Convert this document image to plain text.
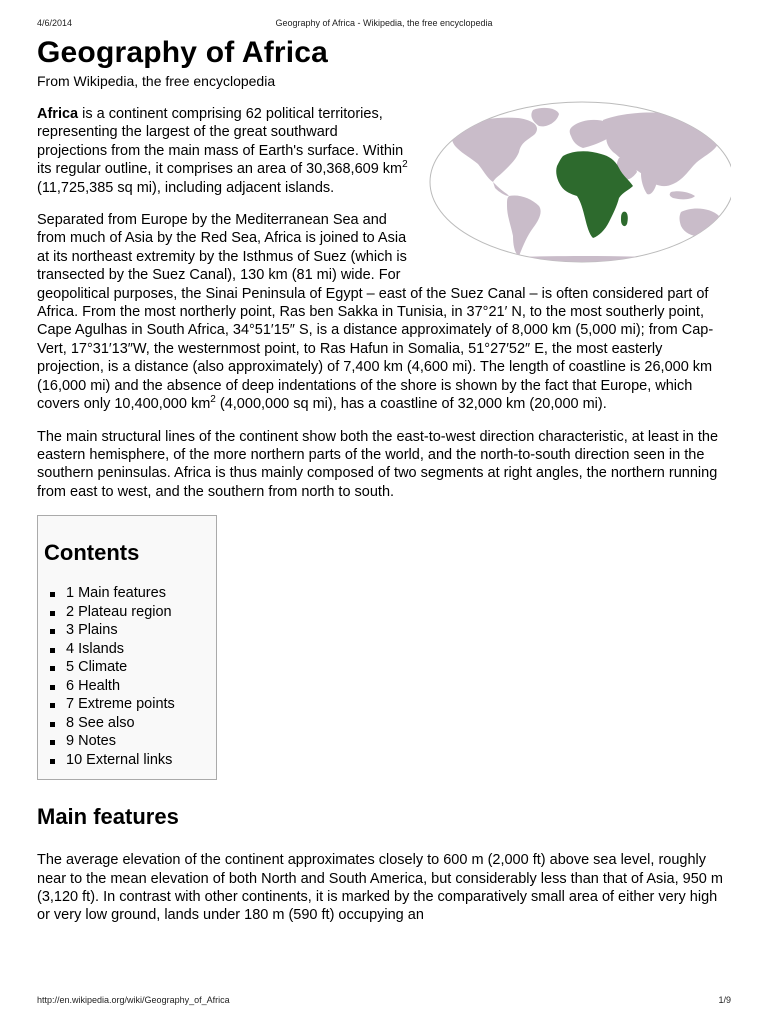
4/6/2014	Geography of Africa - Wikipedia, the free encyclopedia
Geography of Africa
From Wikipedia, the free encyclopedia

Africa is a continent comprising 62 political territories, representing the largest of the great southward projections from the main mass of Earth's surface. Within its regular outline, it comprises an area of 30,368,609 $km^2$ (11,725,385 sq mi), including adjacent islands.

Separated from Europe by the Mediterranean Sea and from much of Asia by the Red Sea, Africa is joined to Asia at its northeast extremity by the Isthmus of Suez (which is transected by the Suez Canal), 130 km (81 mi) wide. For geopolitical purposes, the Sinai Peninsula of Egypt – east of the Suez Canal – is often considered part of Africa. From the most northerly point, Ras ben Sakka in Tunisia, in 37°21′ N, to the most southerly point, Cape Agulhas in South Africa, 34°51′15″ S, is a distance approximately of 8,000 km (5,000 mi); from Cap-Vert, 17°31′13″W, the westernmost point, to Ras Hafun in Somalia, 51°27′52″ E, the most easterly projection, is a distance (also approximately) of 7,400 km (4,600 mi). The length of coastline is 26,000 km (16,000 mi) and the absence of deep indentations of the shore is shown by the fact that Europe, which covers only 10,400,000 $km^2$ (4,000,000 sq mi), has a coastline of 32,000 km (20,000 mi).

The main structural lines of the continent show both the east-to-west direction characteristic, at least in the eastern hemisphere, of the more northern parts of the world, and the north-to-south direction seen in the southern peninsulas. Africa is thus mainly composed of two segments at right angles, the northern running from east to west, and the southern from north to south.

Contents
1 Main features
2 Plateau region
3 Plains
4 Islands
5 Climate
6 Health
7 Extreme points
8 See also
9 Notes
10 External links
Main features

The average elevation of the continent approximates closely to 600 m (2,000 ft) above sea level, roughly near to the mean elevation of both North and South America, but considerably less than that of Asia, 950 m (3,120 ft). In contrast with other continents, it is marked by the comparatively small area of either very high or very low ground, lands under 180 m (590 ft) occupying an

http://en.wikipedia.org/wiki/Geography_of_Africa	1/9
